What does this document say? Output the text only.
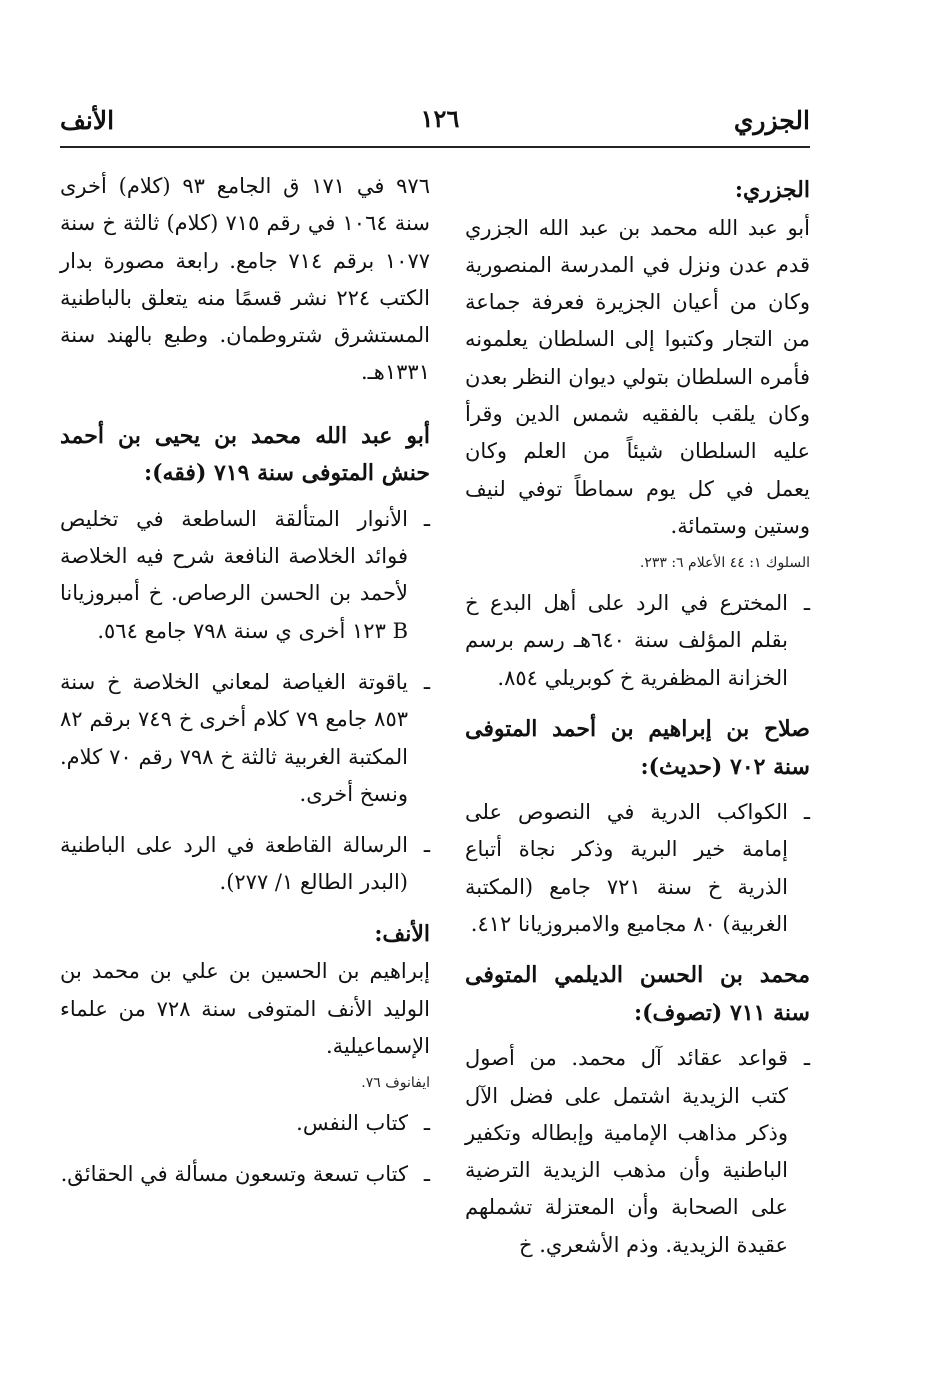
الجزري
١٢٦
الأنف

الجزري:

أبو عبد الله محمد بن عبد الله الجزري قدم عدن ونزل في المدرسة المنصورية وكان من أعيان الجزيرة فعرفة جماعة من التجار وكتبوا إلى السلطان يعلمونه فأمره السلطان بتولي ديوان النظر بعدن وكان يلقب بالفقيه شمس الدين وقرأ عليه السلطان شيئاً من العلم وكان يعمل في كل يوم سماطاً توفي لنيف وستين وستمائة.

السلوك ١: ٤٤ الأعلام ٦: ٢٣٣.

ـ
المخترع في الرد على أهل البدع خ بقلم المؤلف سنة ٦٤٠هـ رسم برسم الخزانة المظفرية خ كوبريلي ٨٥٤.

صلاح بن إبراهيم بن أحمد المتوفى سنة ٧٠٢ (حديث):

ـ
الكواكب الدرية في النصوص على إمامة خير البرية وذكر نجاة أتباع الذرية خ سنة ٧٢١ جامع (المكتبة الغربية) ٨٠ مجاميع والامبروزيانا ٤١٢.

محمد بن الحسن الديلمي المتوفى سنة ٧١١ (تصوف):

ـ
قواعد عقائد آل محمد. من أصول كتب الزيدية اشتمل على فضل الآل وذكر مذاهب الإمامية وإبطاله وتكفير الباطنية وأن مذهب الزيدية الترضية على الصحابة وأن المعتزلة تشملهم عقيدة الزيدية. وذم الأشعري. خ

٩٧٦ في ١٧١ ق الجامع ٩٣ (كلام) أخرى سنة ١٠٦٤ في رقم ٧١٥ (كلام) ثالثة خ سنة ١٠٧٧ برقم ٧١٤ جامع. رابعة مصورة بدار الكتب ٢٢٤ نشر قسمًا منه يتعلق بالباطنية المستشرق شتروطمان. وطبع بالهند سنة ١٣٣١هـ.

أبو عبد الله محمد بن يحيى بن أحمد حنش المتوفى سنة ٧١٩ (فقه):

ـ
الأنوار المتألقة الساطعة في تخليص فوائد الخلاصة النافعة شرح فيه الخلاصة لأحمد بن الحسن الرصاص. خ أمبروزيانا B ١٢٣ أخرى ي سنة ٧٩٨ جامع ٥٦٤.
ـ
ياقوتة الغياصة لمعاني الخلاصة خ سنة ٨٥٣ جامع ٧٩ كلام أخرى خ ٧٤٩ برقم ٨٢ المكتبة الغربية ثالثة خ ٧٩٨ رقم ٧٠ كلام. ونسخ أخرى.
ـ
الرسالة القاطعة في الرد على الباطنية (البدر الطالع ١/ ٢٧٧).

الأنف:

إبراهيم بن الحسين بن علي بن محمد بن الوليد الأنف المتوفى سنة ٧٢٨ من علماء الإسماعيلية.

ايفانوف ٧٦.

ـ
كتاب النفس.
ـ
كتاب تسعة وتسعون مسألة في الحقائق.
